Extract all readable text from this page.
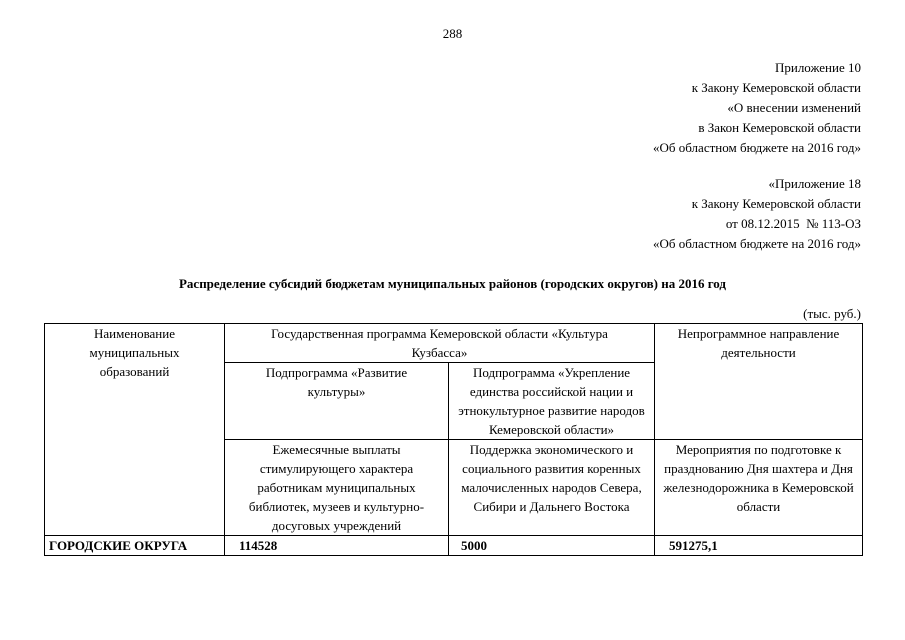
288
Приложение 10
к Закону Кемеровской области
«О внесении изменений
в Закон Кемеровской области
«Об областном бюджете на 2016 год»
«Приложение 18
к Закону Кемеровской области
от 08.12.2015  № 113-ОЗ
«Об областном бюджете на 2016 год»
Распределение субсидий бюджетам муниципальных районов (городских округов) на 2016 год
(тыс. руб.)
Наименование муниципальных образований	Государственная программа Кемеровской области «Культура Кузбасса»		Непрограммное направление деятельности
	Подпрограмма «Развитие культуры»	Подпрограмма «Укрепление единства российской нации и этнокультурное развитие народов Кемеровской области»	
	Ежемесячные выплаты стимулирующего характера работникам муниципальных библиотек, музеев и культурно-досуговых учреждений	Поддержка экономического и социального развития коренных малочисленных народов Севера, Сибири и Дальнего Востока	Мероприятия по подготовке к празднованию Дня шахтера и Дня железнодорожника в Кемеровской области
ГОРОДСКИЕ ОКРУГА	114528	5000	591275,1
